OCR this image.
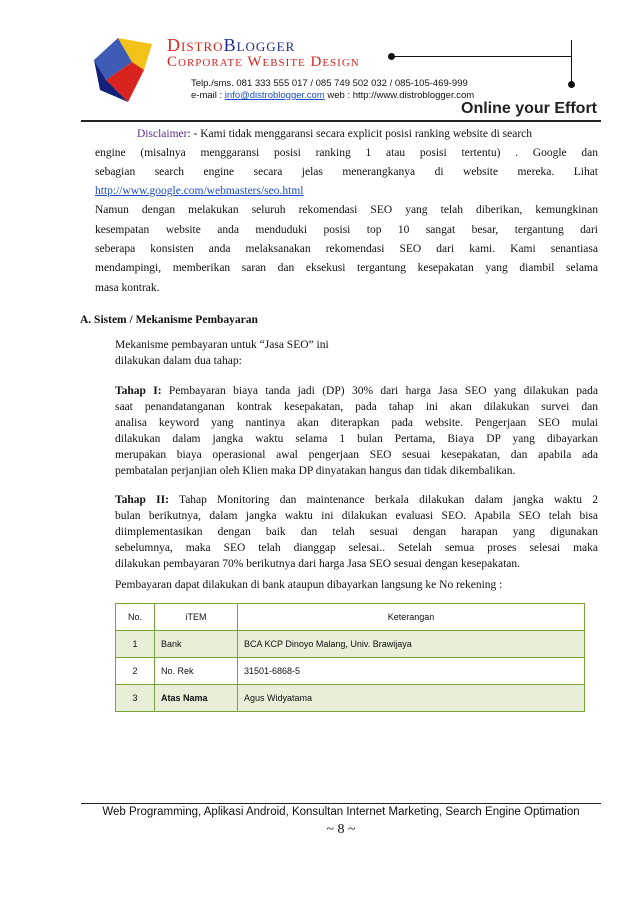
DistroBlogger
Corporate Website Design
Telp./sms. 081 333 555 017 / 085 749 502 032 / 085-105-469-999
e-mail : info@distroblogger.com web : http://www.distroblogger.com
Online your Effort
Disclaimer: - Kami tidak menggaransi secara explicit posisi ranking website di search
engine (misalnya menggaransi posisi ranking 1 atau posisi tertentu) . Google dan
sebagian search engine secara jelas menerangkanya di website mereka. Lihat
http://www.google.com/webmasters/seo.html
Namun dengan melakukan seluruh rekomendasi SEO yang telah diberikan, kemungkinan
kesempatan website anda menduduki posisi top 10 sangat besar, tergantung dari
seberapa konsisten anda melaksanakan rekomendasi SEO dari kami. Kami senantiasa
mendampingi, memberikan saran dan eksekusi tergantung kesepakatan yang diambil selama
masa kontrak.
A. Sistem / Mekanisme Pembayaran
Mekanisme pembayaran untuk “Jasa SEO” ini
dilakukan dalam dua tahap:
Tahap I: Pembayaran biaya tanda jadi (DP) 30% dari harga Jasa SEO yang dilakukan pada
saat penandatanganan kontrak kesepakatan, pada tahap ini akan dilakukan survei dan
analisa keyword yang nantinya akan diterapkan pada website. Pengerjaan SEO mulai
dilakukan dalam jangka waktu selama 1 bulan Pertama, Biaya DP yang dibayarkan
merupakan biaya operasional awal pengerjaan SEO sesuai kesepakatan, dan apabila ada
pembatalan perjanjian oleh Klien maka DP dinyatakan hangus dan tidak dikembalikan.
Tahap II: Tahap Monitoring dan maintenance berkala dilakukan dalam jangka waktu 2
bulan berikutnya, dalam jangka waktu ini dilakukan evaluasi SEO. Apabila SEO telah bisa
diimplementasikan dengan baik dan telah sesuai dengan harapan yang digunakan
sebelumnya, maka SEO telah dianggap selesai.. Setelah semua proses selesai maka
dilakukan pembayaran 70% berikutnya dari harga Jasa SEO sesuai dengan kesepakatan.
Pembayaran dapat dilakukan di bank ataupun dibayarkan langsung ke No rekening :
No.	iTEM	Keterangan
1	Bank	BCA KCP Dinoyo Malang, Univ. Brawijaya
2	No. Rek	31501-6868-5
3	Atas Nama	Agus Widyatama
Web Programming, Aplikasi Android, Konsultan Internet Marketing, Search Engine Optimation
~ 8 ~
